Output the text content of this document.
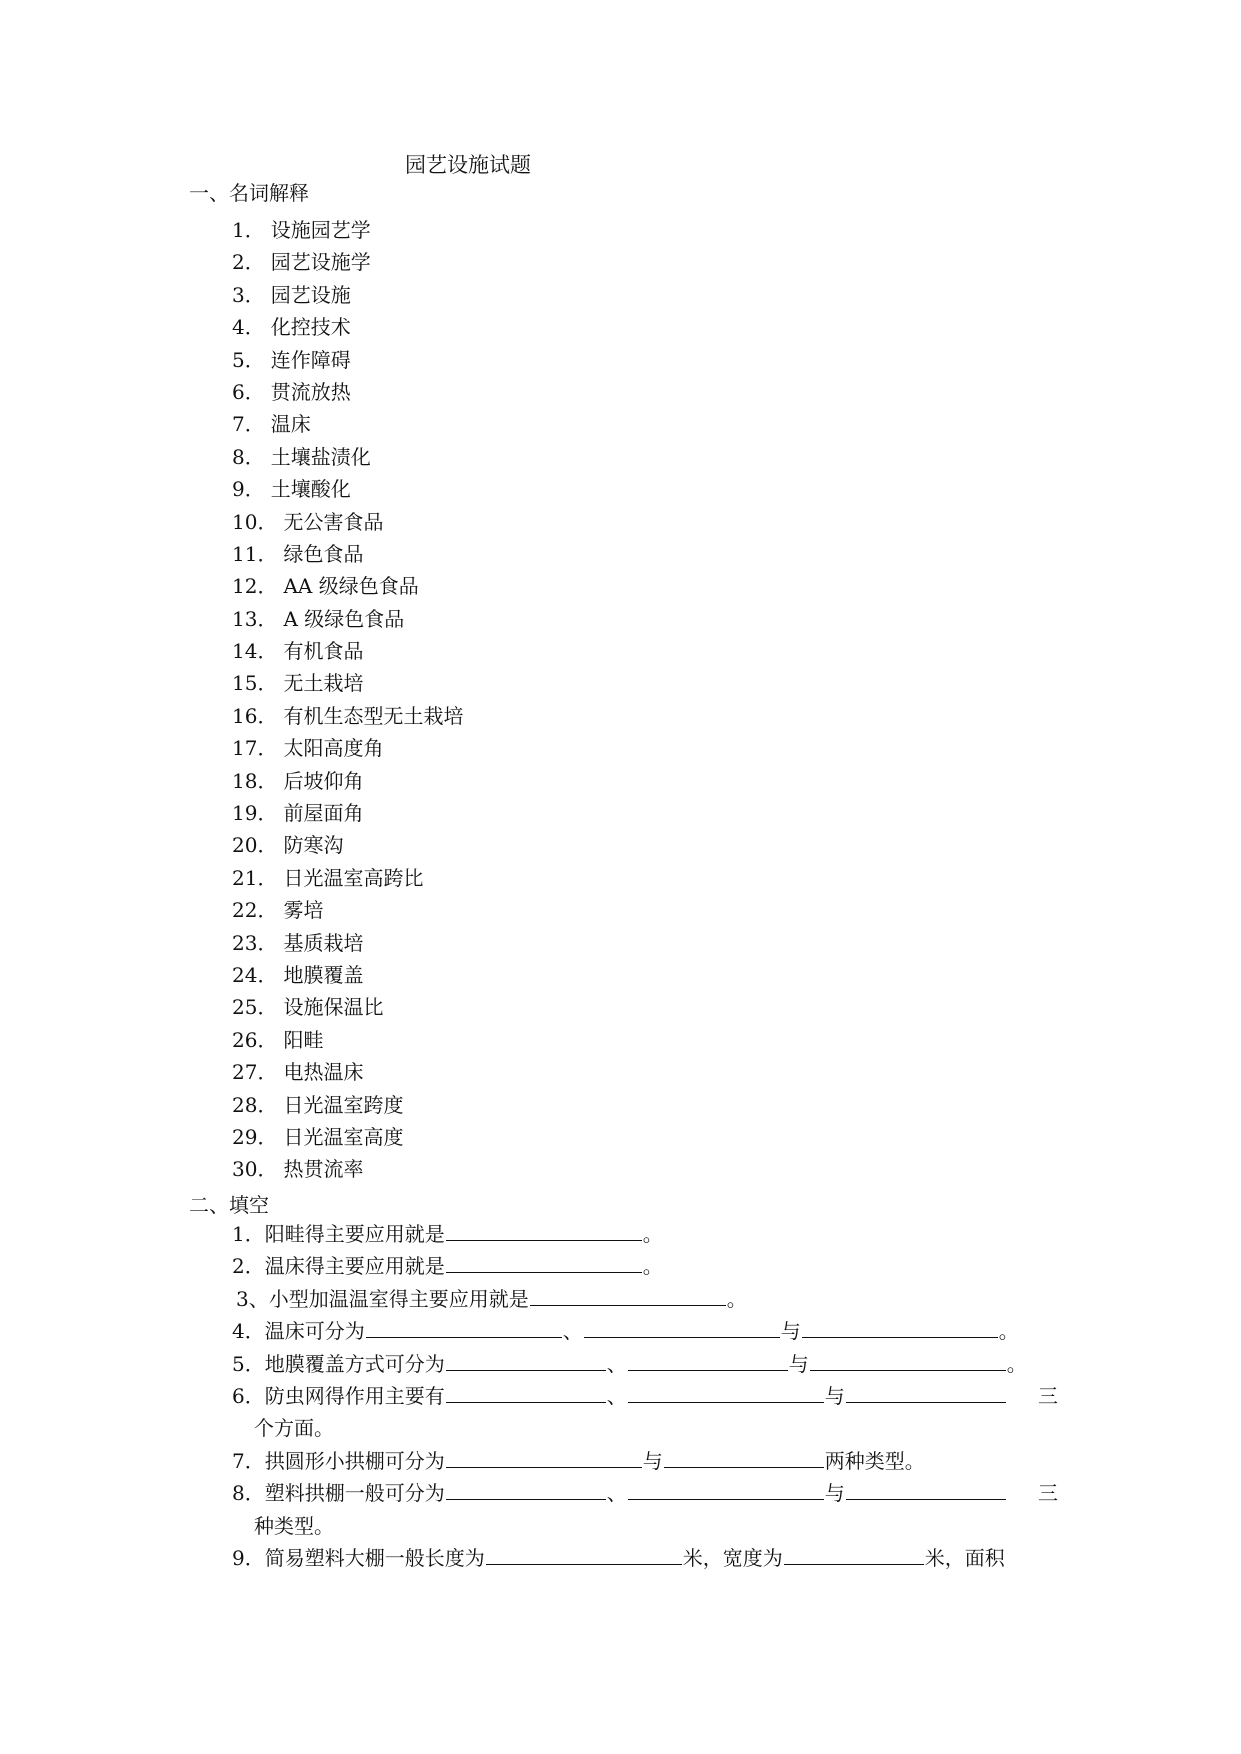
园艺设施试题
一、名词解释
1． 设施园艺学
2． 园艺设施学
3． 园艺设施
4． 化控技术
5． 连作障碍
6． 贯流放热
7． 温床
8． 土壤盐渍化
9． 土壤酸化
10． 无公害食品
11． 绿色食品
12． AA 级绿色食品
13． A 级绿色食品
14． 有机食品
15． 无土栽培
16． 有机生态型无土栽培
17． 太阳高度角
18． 后坡仰角
19． 前屋面角
20． 防寒沟
21． 日光温室高跨比
22． 雾培
23． 基质栽培
24． 地膜覆盖
25． 设施保温比
26． 阳畦
27． 电热温床
28． 日光温室跨度
29． 日光温室高度
30． 热贯流率
二、填空
1．阳畦得主要应用就是	。
2．温床得主要应用就是	。
3、小型加温温室得主要应用就是	。
4．温床可分为	、	与	。
5．地膜覆盖方式可分为	、	与	。
6．防虫网得作用主要有	、	与	三
个方面。
7．拱圆形小拱棚可分为	与	两种类型。
8．塑料拱棚一般可分为	、	与	三
种类型。
9．简易塑料大棚一般长度为	米，宽度为	米，面积
